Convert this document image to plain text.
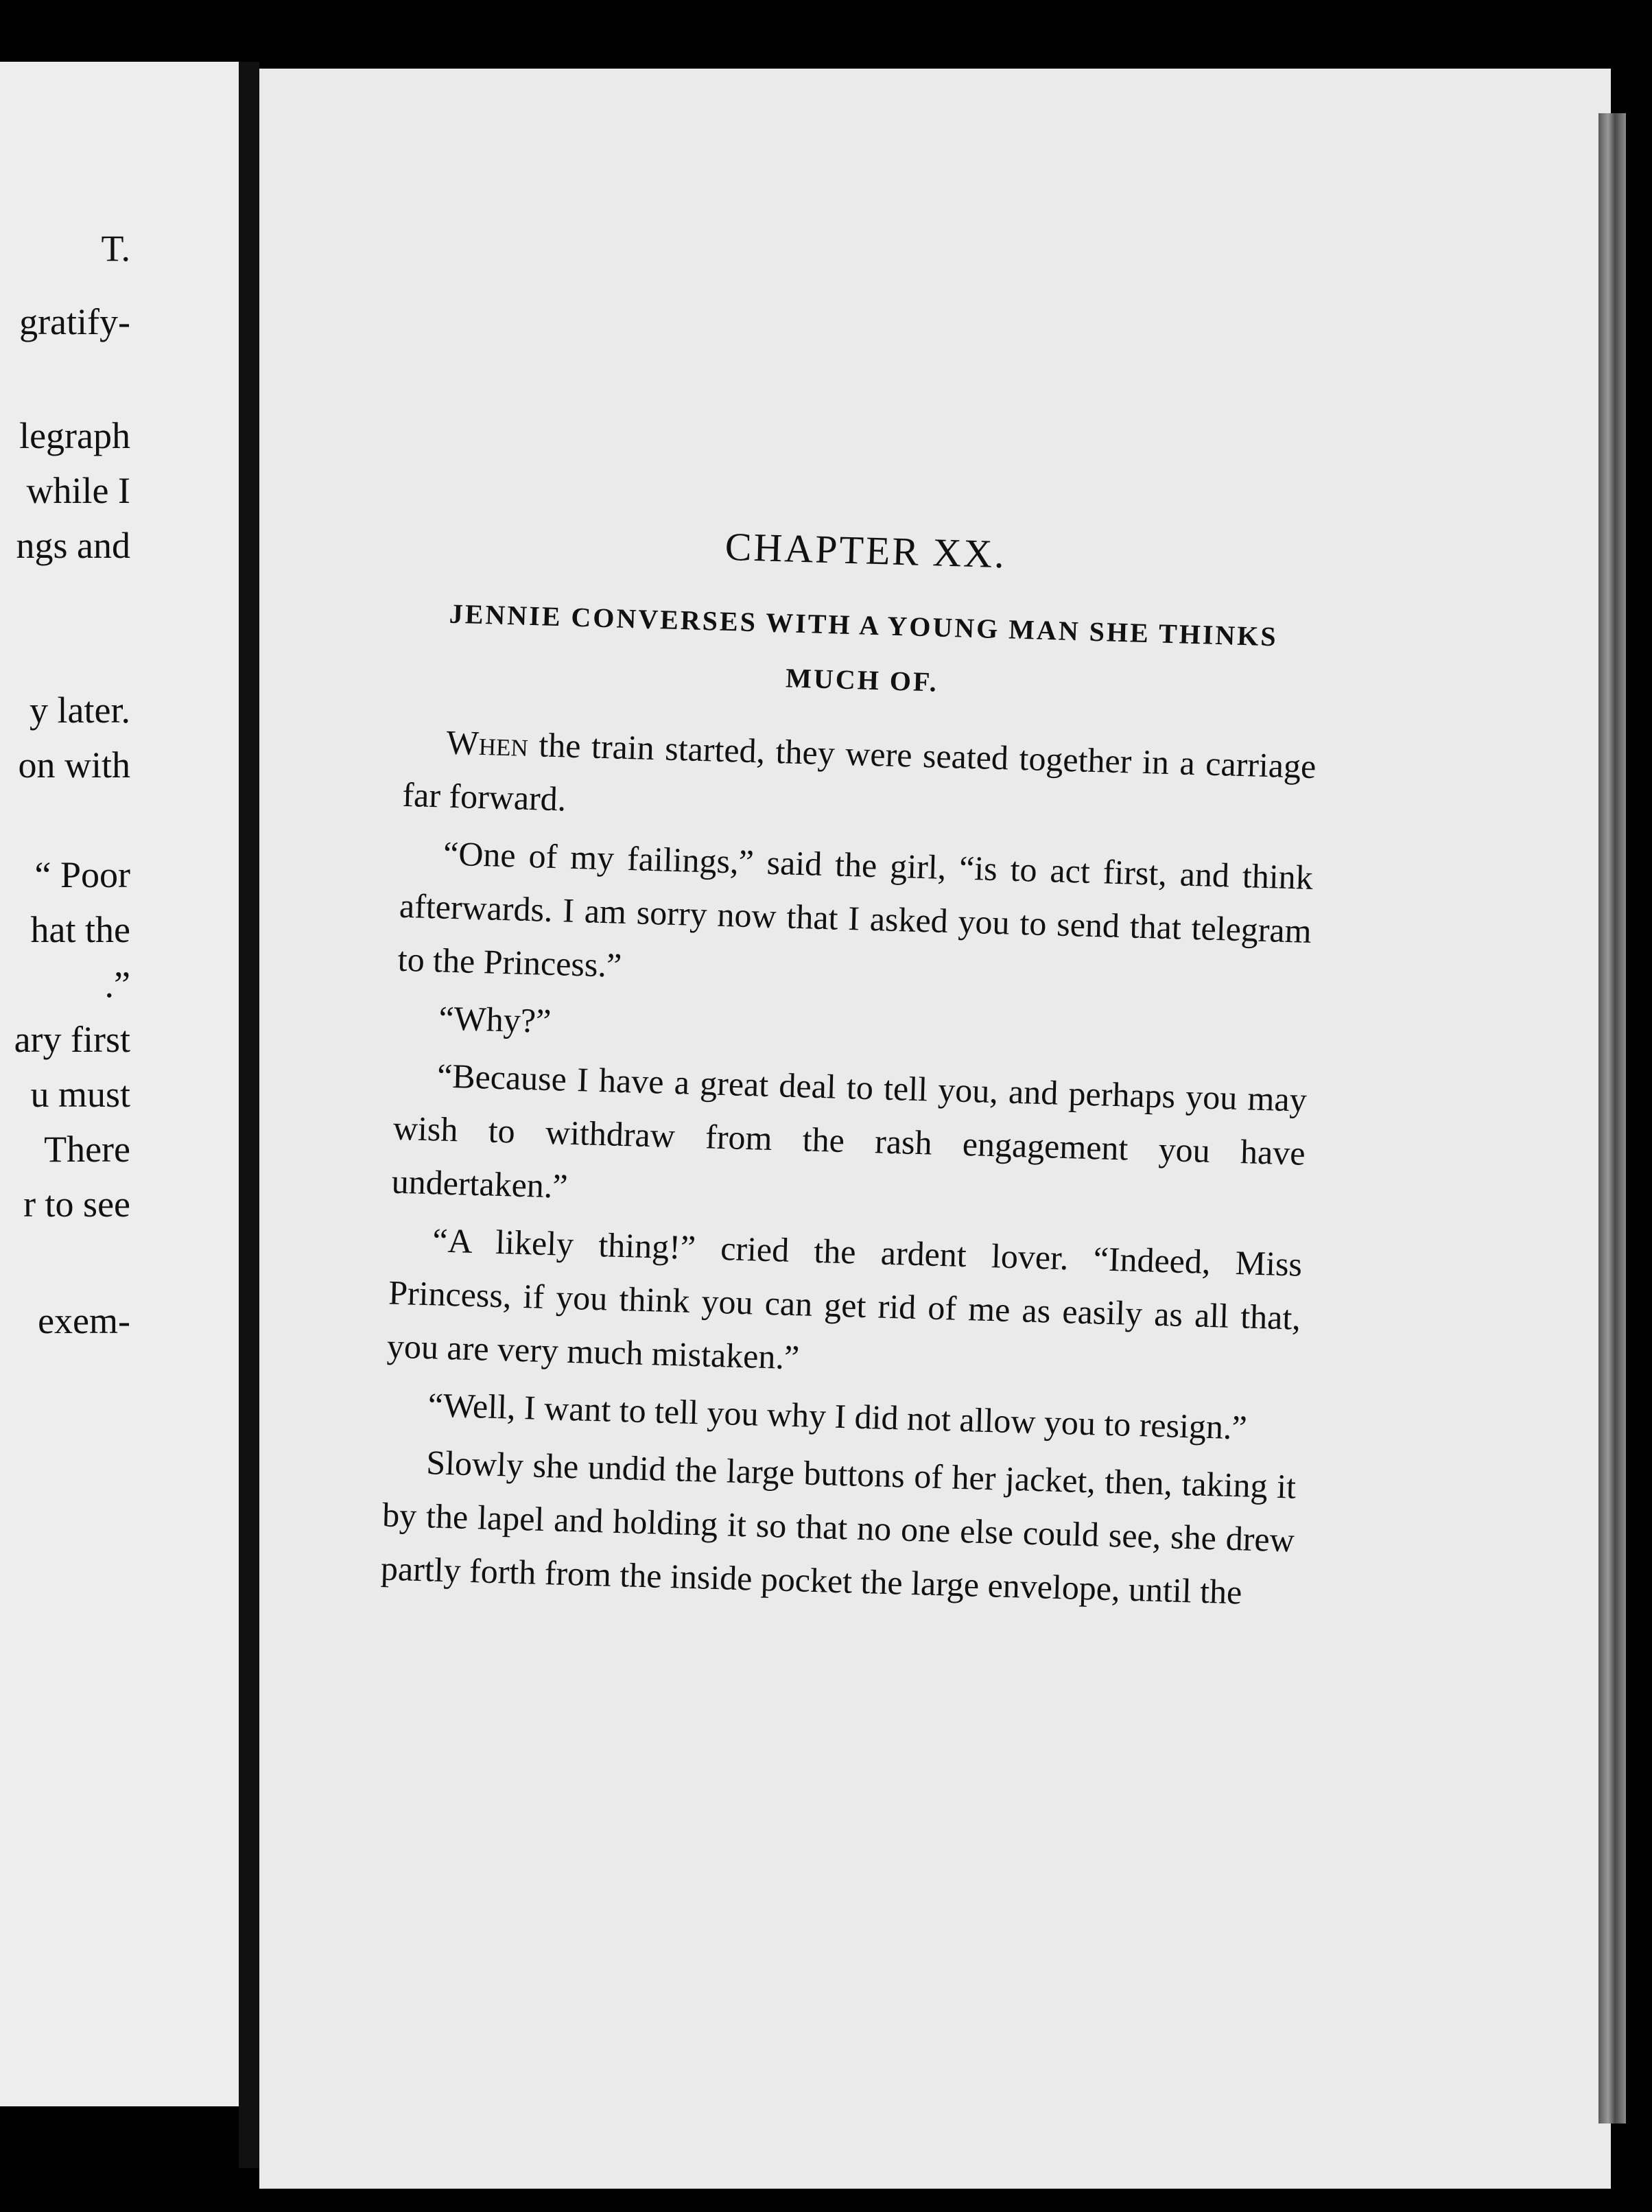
T.

gratify-

legraph

while I

ngs and

y later.

on with

“ Poor

hat the

.”

ary first

u must

There

r to see

exem-

CHAPTER XX.
JENNIE CONVERSES WITH A YOUNG MAN SHE THINKS MUCH OF.

When the train started, they were seated together in a carriage far forward.

“One of my failings,” said the girl, “is to act first, and think afterwards. I am sorry now that I asked you to send that telegram to the Princess.”

“Why?”

“Because I have a great deal to tell you, and perhaps you may wish to withdraw from the rash engagement you have undertaken.”

“A likely thing!” cried the ardent lover. “Indeed, Miss Princess, if you think you can get rid of me as easily as all that, you are very much mistaken.”

“Well, I want to tell you why I did not allow you to resign.”

Slowly she undid the large buttons of her jacket, then, taking it by the lapel and holding it so that no one else could see, she drew partly forth from the inside pocket the large envelope, until the
